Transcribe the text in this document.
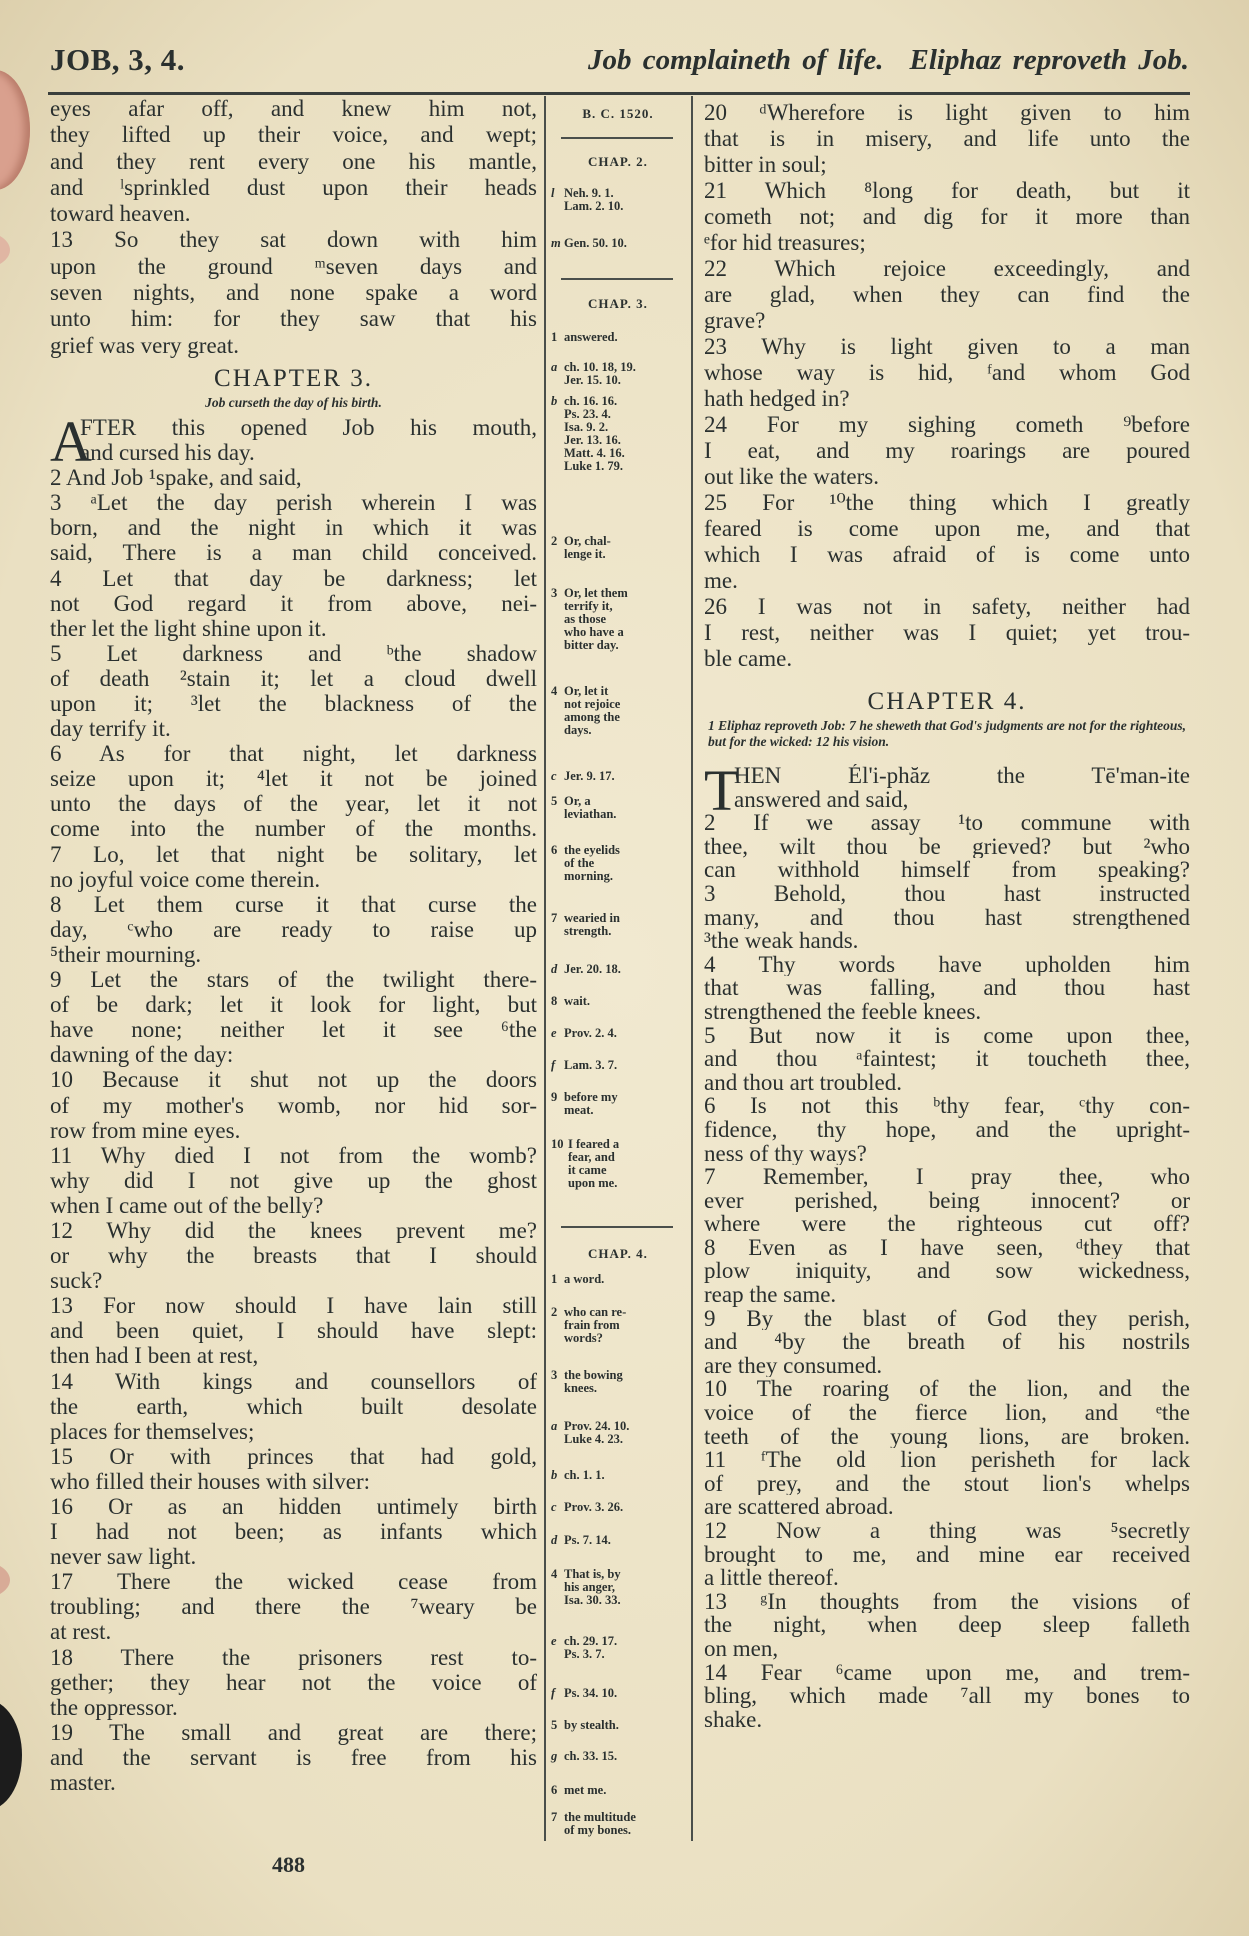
JOB, 3, 4.	Job complaineth of life. Eliphaz reproveth Job.
eyes afar off, and knew him not,
they lifted up their voice, and wept;
and they rent every one his mantle,
and ˡsprinkled dust upon their heads
toward heaven.
13 So they sat down with him
upon the ground ᵐseven days and
seven nights, and none spake a word
unto him: for they saw that his
grief was very great.
CHAPTER 3.
Job curseth the day of his birth.
A
FTER this opened Job his mouth,
and cursed his day.
2 And Job ¹spake, and said,
3 ᵃLet the day perish wherein I was
born, and the night in which it was
said, There is a man child conceived.
4 Let that day be darkness; let
not God regard it from above, nei-
ther let the light shine upon it.
5 Let darkness and ᵇthe shadow
of death ²stain it; let a cloud dwell
upon it; ³let the blackness of the
day terrify it.
6 As for that night, let darkness
seize upon it; ⁴let it not be joined
unto the days of the year, let it not
come into the number of the months.
7 Lo, let that night be solitary, let
no joyful voice come therein.
8 Let them curse it that curse the
day, ᶜwho are ready to raise up
⁵their mourning.
9 Let the stars of the twilight there-
of be dark; let it look for light, but
have none; neither let it see ⁶the
dawning of the day:
10 Because it shut not up the doors
of my mother's womb, nor hid sor-
row from mine eyes.
11 Why died I not from the womb?
why did I not give up the ghost
when I came out of the belly?
12 Why did the knees prevent me?
or why the breasts that I should
suck?
13 For now should I have lain still
and been quiet, I should have slept:
then had I been at rest,
14 With kings and counsellors of
the earth, which built desolate
places for themselves;
15 Or with princes that had gold,
who filled their houses with silver:
16 Or as an hidden untimely birth
I had not been; as infants which
never saw light.
17 There the wicked cease from
troubling; and there the ⁷weary be
at rest.
18 There the prisoners rest to-
gether; they hear not the voice of
the oppressor.
19 The small and great are there;
and the servant is free from his
master.
B. C. 1520.
CHAP. 2.
l Neh. 9. 1.
Lam. 2. 10.
m Gen. 50. 10.
CHAP. 3.
1 answered.
a ch. 10. 18, 19.
Jer. 15. 10.
b ch. 16. 16.
Ps. 23. 4.
Isa. 9. 2.
Jer. 13. 16.
Matt. 4. 16.
Luke 1. 79.
2 Or, chal-
lenge it.
3 Or, let them
terrify it,
as those
who have a
bitter day.
4 Or, let it
not rejoice
among the
days.
c Jer. 9. 17.
5 Or, a
leviathan.
6 the eyelids
of the
morning.
7 wearied in
strength.
d Jer. 20. 18.
8 wait.
e Prov. 2. 4.
f Lam. 3. 7.
9 before my
meat.
10 I feared a
fear, and
it came
upon me.
CHAP. 4.
1 a word.
2 who can re-
frain from
words?
3 the bowing
knees.
a Prov. 24. 10.
Luke 4. 23.
b ch. 1. 1.
c Prov. 3. 26.
d Ps. 7. 14.
4 That is, by
his anger,
Isa. 30. 33.
e ch. 29. 17.
Ps. 3. 7.
f Ps. 34. 10.
5 by stealth.
g ch. 33. 15.
6 met me.
7 the multitude
of my bones.
20 ᵈWherefore is light given to him
that is in misery, and life unto the
bitter in soul;
21 Which ⁸long for death, but it
cometh not; and dig for it more than
ᵉfor hid treasures;
22 Which rejoice exceedingly, and
are glad, when they can find the
grave?
23 Why is light given to a man
whose way is hid, ᶠand whom God
hath hedged in?
24 For my sighing cometh ⁹before
I eat, and my roarings are poured
out like the waters.
25 For ¹⁰the thing which I greatly
feared is come upon me, and that
which I was afraid of is come unto
me.
26 I was not in safety, neither had
I rest, neither was I quiet; yet trou-
ble came.
CHAPTER 4.
1 Eliphaz reproveth Job: 7 he sheweth that God's judgments are not for the righteous, but for the wicked: 12 his vision.
T
HEN Él'i-phăz the Tē'man-ite
answered and said,
2 If we assay ¹to commune with
thee, wilt thou be grieved? but ²who
can withhold himself from speaking?
3 Behold, thou hast instructed
many, and thou hast strengthened
³the weak hands.
4 Thy words have upholden him
that was falling, and thou hast
strengthened the feeble knees.
5 But now it is come upon thee,
and thou ᵃfaintest; it toucheth thee,
and thou art troubled.
6 Is not this ᵇthy fear, ᶜthy con-
fidence, thy hope, and the upright-
ness of thy ways?
7 Remember, I pray thee, who
ever perished, being innocent? or
where were the righteous cut off?
8 Even as I have seen, ᵈthey that
plow iniquity, and sow wickedness,
reap the same.
9 By the blast of God they perish,
and ⁴by the breath of his nostrils
are they consumed.
10 The roaring of the lion, and the
voice of the fierce lion, and ᵉthe
teeth of the young lions, are broken.
11 ᶠThe old lion perisheth for lack
of prey, and the stout lion's whelps
are scattered abroad.
12 Now a thing was ⁵secretly
brought to me, and mine ear received
a little thereof.
13 ᵍIn thoughts from the visions of
the night, when deep sleep falleth
on men,
14 Fear ⁶came upon me, and trem-
bling, which made ⁷all my bones to
shake.
488
